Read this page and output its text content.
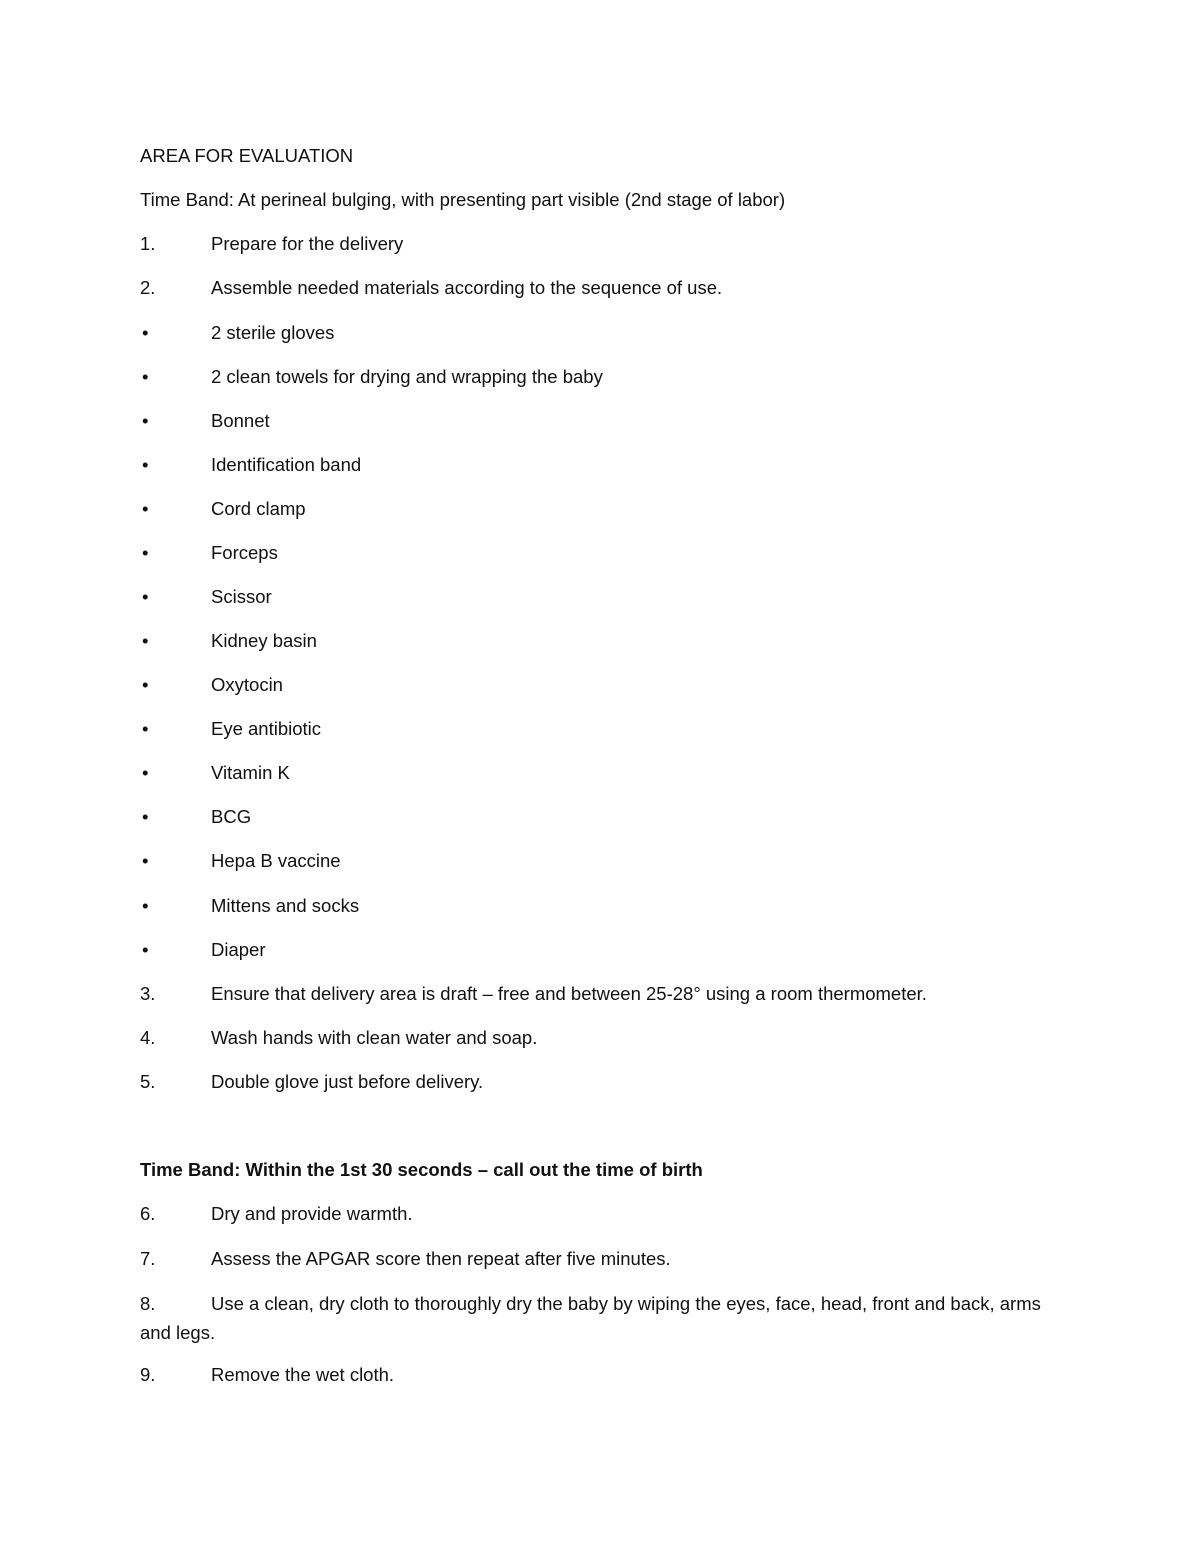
AREA FOR EVALUATION
Time Band: At perineal bulging, with presenting part visible (2nd stage of labor)
1.	Prepare for the delivery
2.	Assemble needed materials according to the sequence of use.
•	2 sterile gloves
•	2 clean towels for drying and wrapping the baby
•	Bonnet
•	Identification band
•	Cord clamp
•	Forceps
•	Scissor
•	Kidney basin
•	Oxytocin
•	Eye antibiotic
•	Vitamin K
•	BCG
•	Hepa B vaccine
•	Mittens and socks
•	Diaper
3.	Ensure that delivery area is draft – free and between 25-28° using a room thermometer.
4.	Wash hands with clean water and soap.
5.	Double glove just before delivery.
Time Band: Within the 1st 30 seconds – call out the time of birth
6.	Dry and provide warmth.
7.	Assess the APGAR score then repeat after five minutes.
8.	Use a clean, dry cloth to thoroughly dry the baby by wiping the eyes, face, head, front and back, arms and legs.
9.	Remove the wet cloth.
